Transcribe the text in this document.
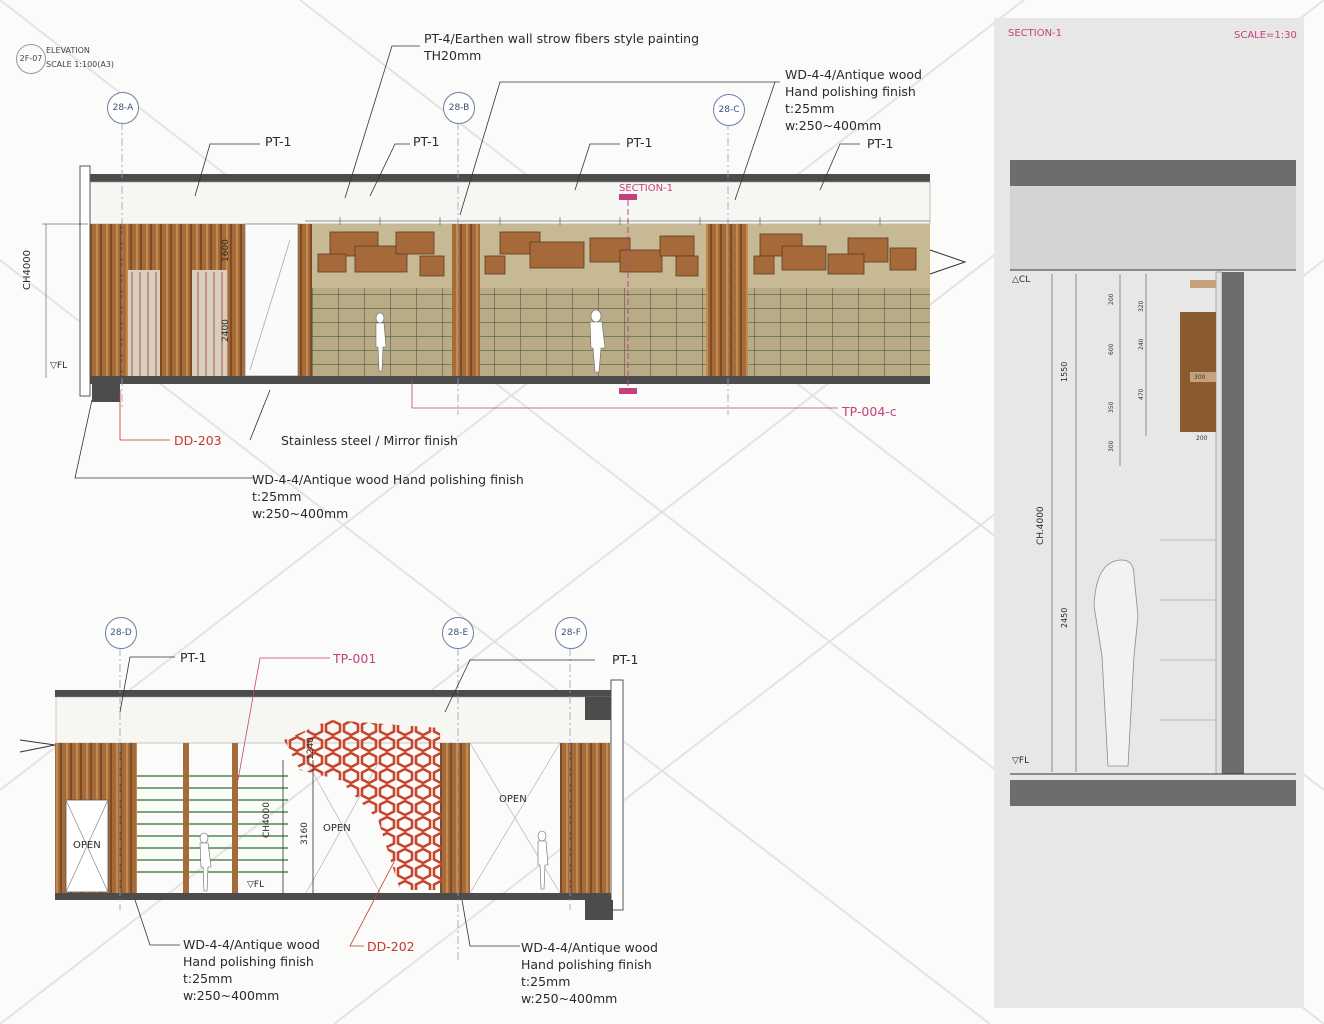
2F-07
ELEVATION
SCALE 1:100(A3)
SECTION-1	SCALE=1:30
SECTION-1
28-A	28-B	28-C
28-D	28-E	28-F
PT-4/Earthen wall strow fibers style painting
TH20mm
WD-4-4/Antique wood
Hand polishing finish
t:25mm
w:250~400mm
PT-1	PT-1	PT-1	PT-1
DD-203	Stainless steel / Mirror finish
WD-4-4/Antique wood Hand polishing finish
t:25mm
w:250~400mm
TP-004-c
PT-1	PT-1
TP-001
DD-202
WD-4-4/Antique wood
Hand polishing finish
t:25mm
w:250~400mm
WD-4-4/Antique wood
Hand polishing finish
t:25mm
w:250~400mm
OPEN
OPEN
OPEN
CH4000
▽FL
1600
2400
CH4000
▽FL
3160
1240
△CL
▽FL
CH.4000
1550
2450
200
600
350
300
320
240
470
300
200
